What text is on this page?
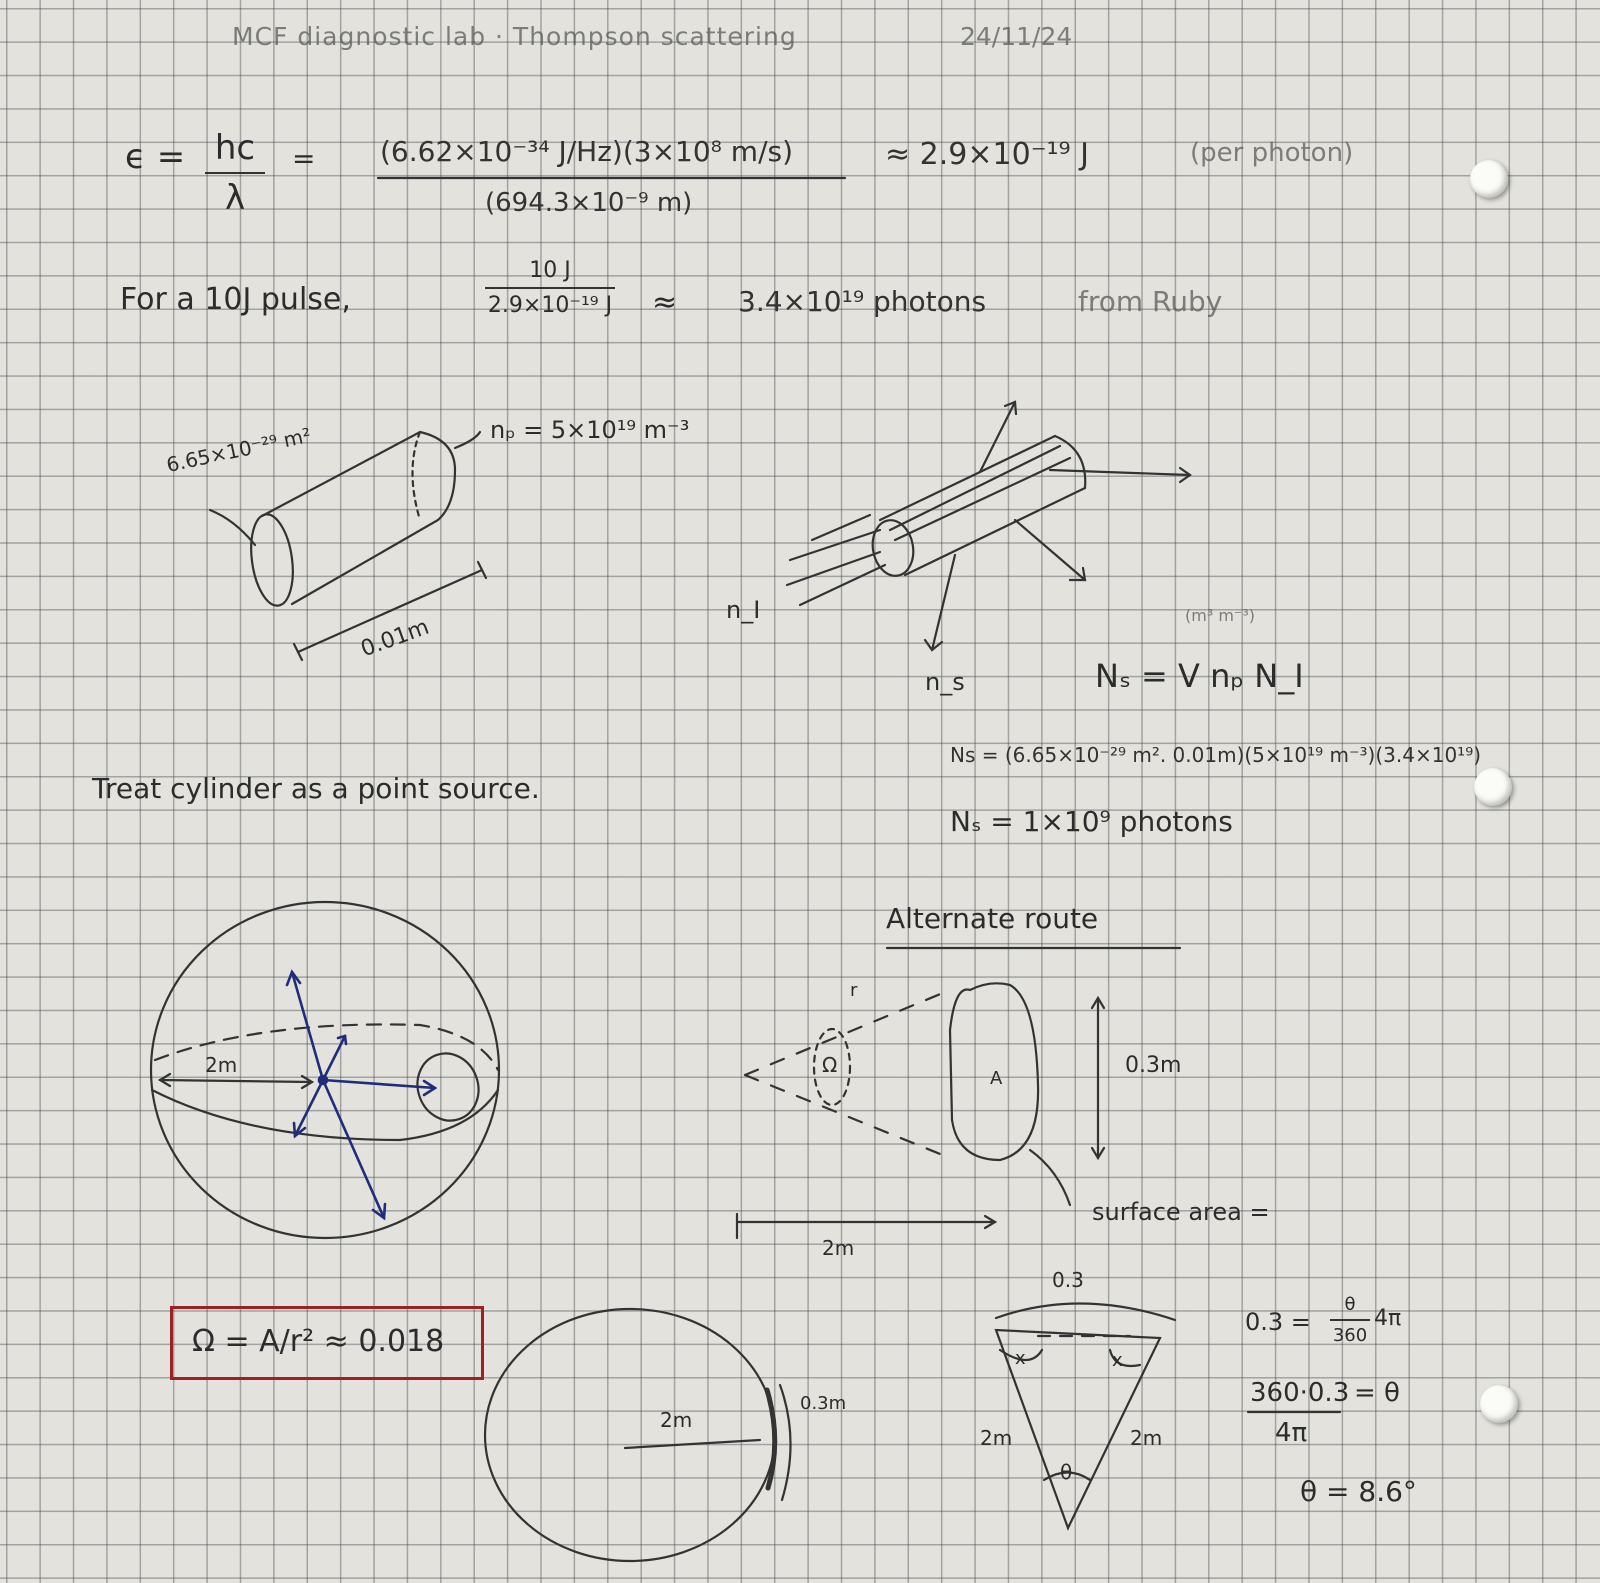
MCF diagnostic lab · Thompson scattering	24/11/24
ϵ = hc
λ
= (6.62×10⁻³⁴ J/Hz)(3×10⁸ m/s)
(694.3×10⁻⁹ m)
≈ 2.9×10⁻¹⁹ J	(per photon)
For a 10J pulse,
10 J
2.9×10⁻¹⁹ J ≈ 3.4×10¹⁹ photons	from Ruby
6.65×10⁻²⁹ m²	nₚ = 5×10¹⁹ m⁻³
0.01m
n_I
n_s
(m³ m⁻³)
Nₛ = V nₚ N_I
Ns = (6.65×10⁻²⁹ m². 0.01m)(5×10¹⁹ m⁻³)(3.4×10¹⁹)
Nₛ = 1×10⁹ photons
Treat cylinder as a point source.
2m
Alternate route
r
Ω
A
0.3m
2m
surface area =
Ω = A/r² ≈ 0.018
2m
0.3m
0.3
x	x
2m	2m
θ
0.3 =
θ
360
4π
360·0.3 = θ
4π
θ = 8.6°
